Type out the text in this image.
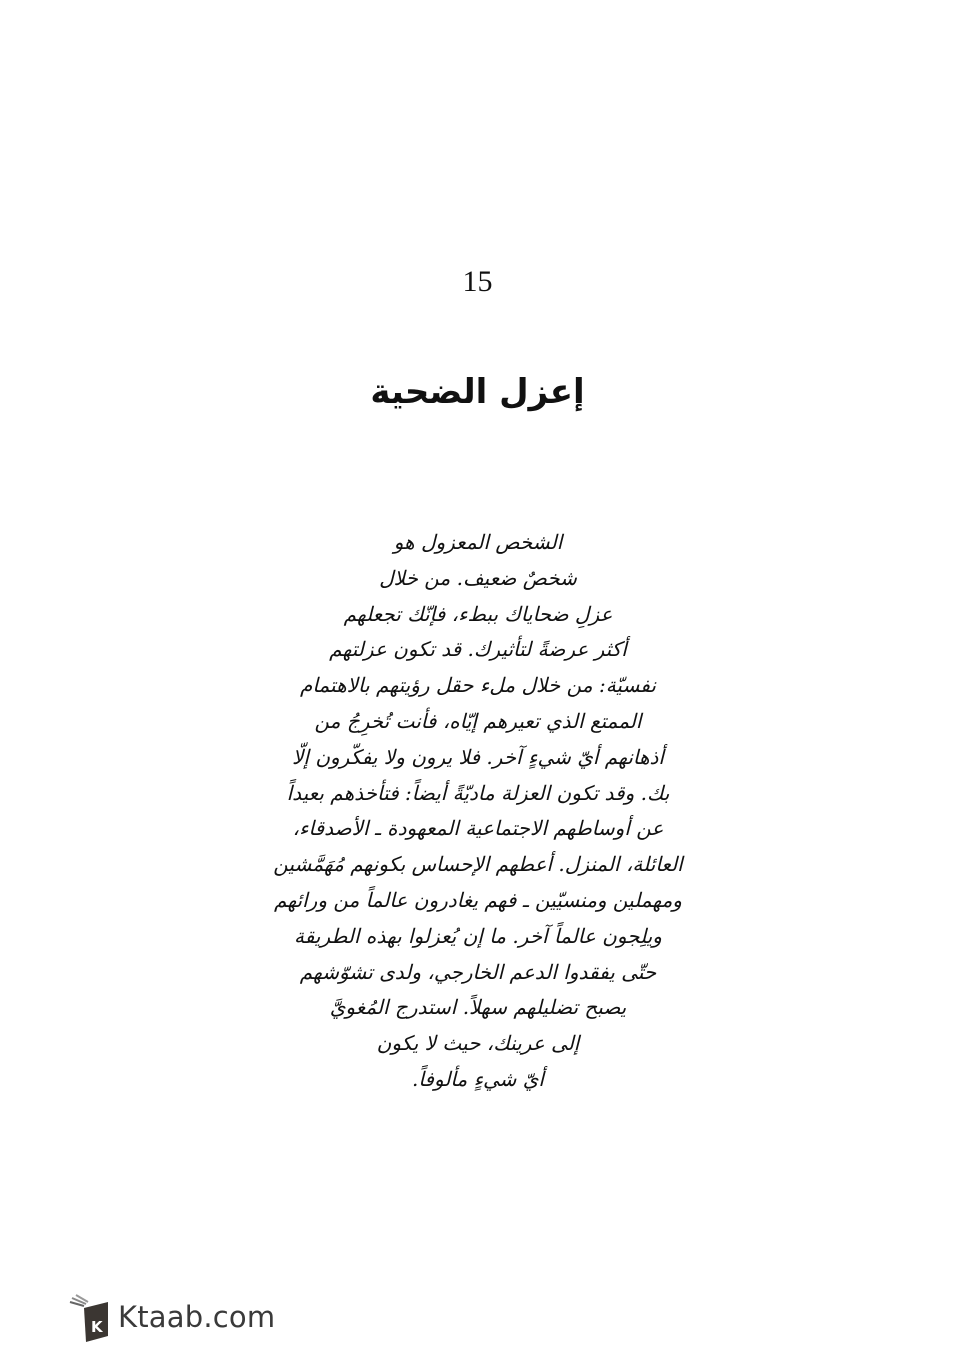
15
إعزل الضحية
الشخص المعزول هو
شخصٌ ضعيف. من خلال
عزلِ ضحاياك ببطء، فإنّك تجعلهم
أكثر عرضةً لتأثيرك. قد تكون عزلتهم
نفسيّة: من خلال ملء حقل رؤيتهم بالاهتمام
الممتع الذي تعيرهم إيّاه، فأنت تُخرِجُ من
أذهانهم أيّ شيءٍ آخر. فلا يرون ولا يفكّرون إلّا
بك. وقد تكون العزلة ماديّةً أيضاً: فتأخذهم بعيداً
عن أوساطهم الاجتماعية المعهودة ـ الأصدقاء،
العائلة، المنزل. أعطهم الإحساس بكونهم مُهَمَّشين
ومهملين ومنسيّين ـ فهم يغادرون عالماً من ورائهم
ويلِجون عالماً آخر. ما إن يُعزلوا بهذه الطريقة
حتّى يفقدوا الدعم الخارجي، ولدى تشوّشهم
يصبح تضليلهم سهلاً. استدرج المُغويَّ
إلى عرينك، حيث لا يكون
أيّ شيءٍ مألوفاً.
K Ktaab.com
